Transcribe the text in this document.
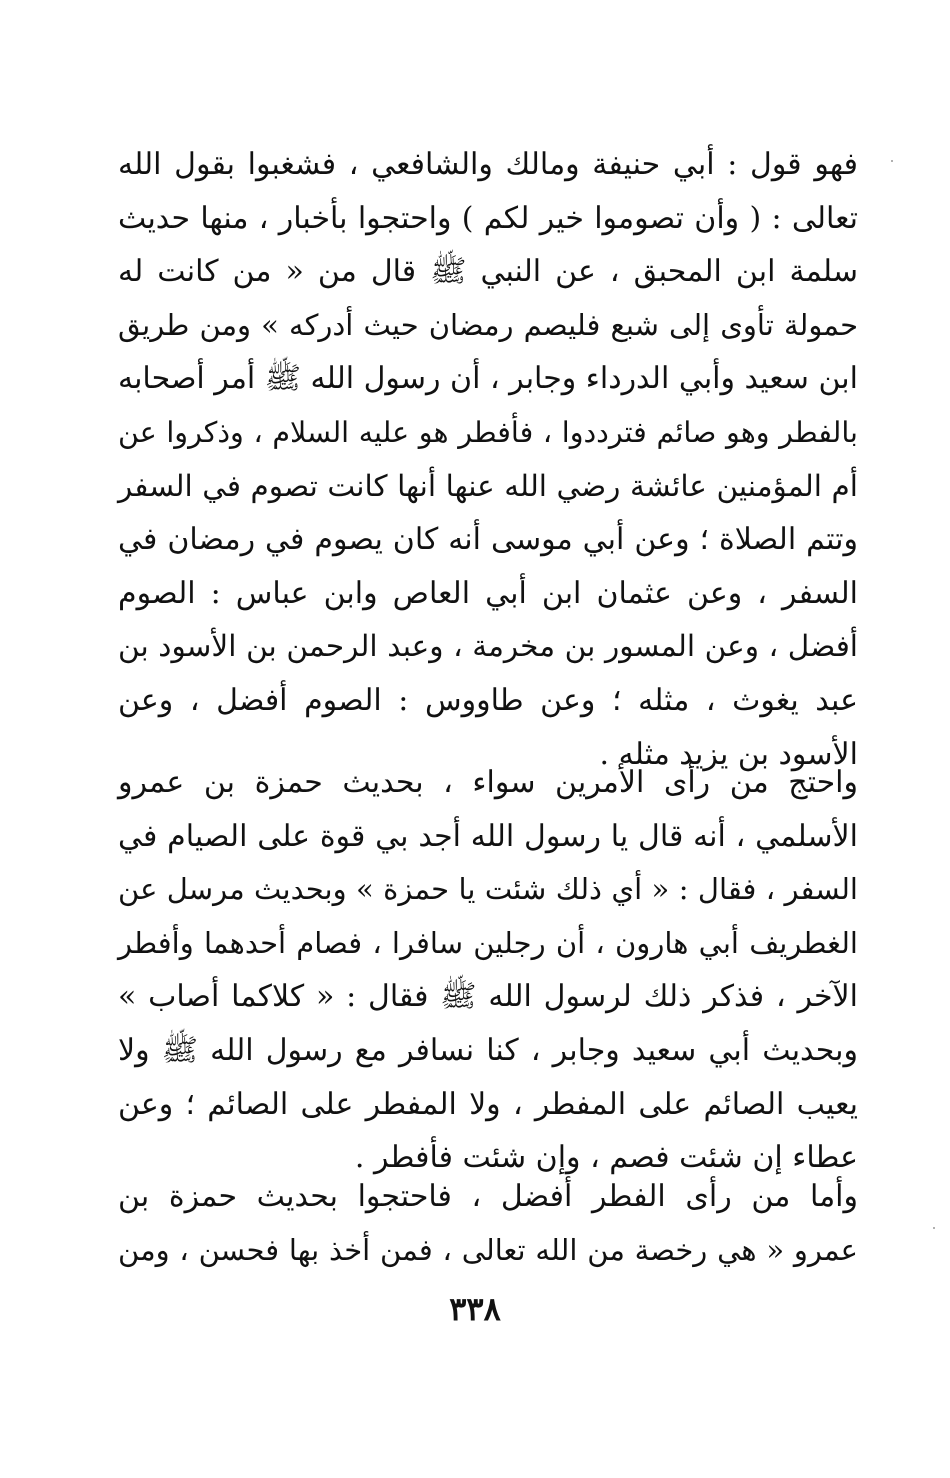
فهو قول : أبي حنيفة ومالك والشافعي ، فشغبوا بقول الله
تعالى : ( وأن تصوموا خير لكم ) واحتجوا بأخبار ، منها حديث
سلمة ابن المحبق ، عن النبي ﷺ قال من « من كانت له
حمولة تأوى إلى شبع فليصم رمضان حيث أدركه » ومن طريق
ابن سعيد وأبي الدرداء وجابر ، أن رسول الله ﷺ أمر أصحابه
بالفطر وهو صائم فترددوا ، فأفطر هو عليه السلام ، وذكروا عن
أم المؤمنين عائشة رضي الله عنها أنها كانت تصوم في السفر
وتتم الصلاة ؛ وعن أبي موسى أنه كان يصوم في رمضان في
السفر ، وعن عثمان ابن أبي العاص وابن عباس : الصوم
أفضل ، وعن المسور بن مخرمة ، وعبد الرحمن بن الأسود بن
عبد يغوث ، مثله ؛ وعن طاووس : الصوم أفضل ، وعن
الأسود بن يزيد مثله .
واحتج من رأى الأمرين سواء ، بحديث حمزة بن عمرو
الأسلمي ، أنه قال يا رسول الله أجد بي قوة على الصيام في
السفر ، فقال : « أي ذلك شئت يا حمزة » وبحديث مرسل عن
الغطريف أبي هارون ، أن رجلين سافرا ، فصام أحدهما وأفطر
الآخر ، فذكر ذلك لرسول الله ﷺ فقال : « كلاكما أصاب »
وبحديث أبي سعيد وجابر ، كنا نسافر مع رسول الله ﷺ ولا
يعيب الصائم على المفطر ، ولا المفطر على الصائم ؛ وعن
عطاء إن شئت فصم ، وإن شئت فأفطر .
وأما من رأى الفطر أفضل ، فاحتجوا بحديث حمزة بن
عمرو « هي رخصة من الله تعالى ، فمن أخذ بها فحسن ، ومن
٣٣٨
